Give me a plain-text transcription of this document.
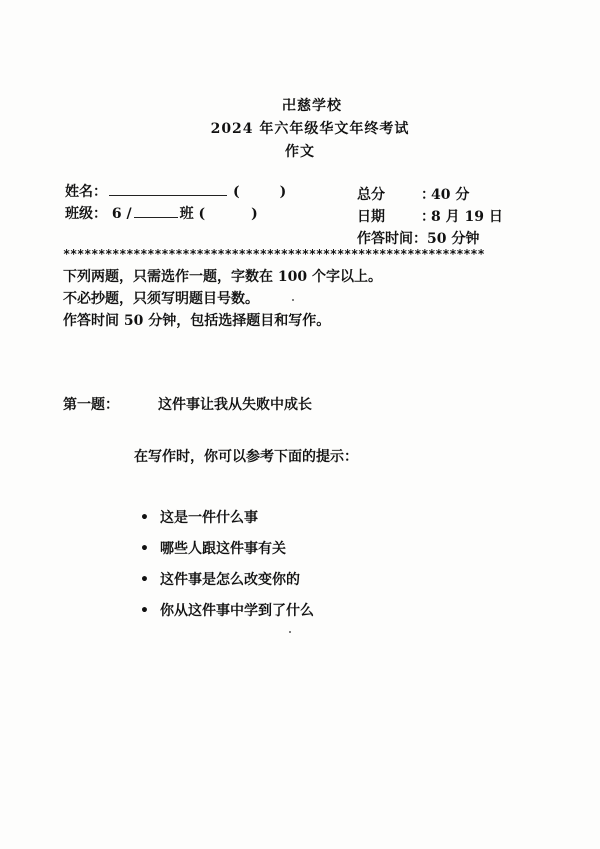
卍慈学校
2024 年六年级华文年终考试
作文
姓名：	(	)
班级： 6 /	班 (	)
总分	：40 分
日期	：8 月 19 日
作答时间：50 分钟
************************************************************
下列两题，只需选作一题，字数在 100 个字以上。
不必抄题，只须写明题目号数。
作答时间 50 分钟，包括选择题目和写作。
第一题：	这件事让我从失败中成长
在写作时，你可以参考下面的提示：
• 这是一件什么事
• 哪些人跟这件事有关
• 这件事是怎么改变你的
• 你从这件事中学到了什么
